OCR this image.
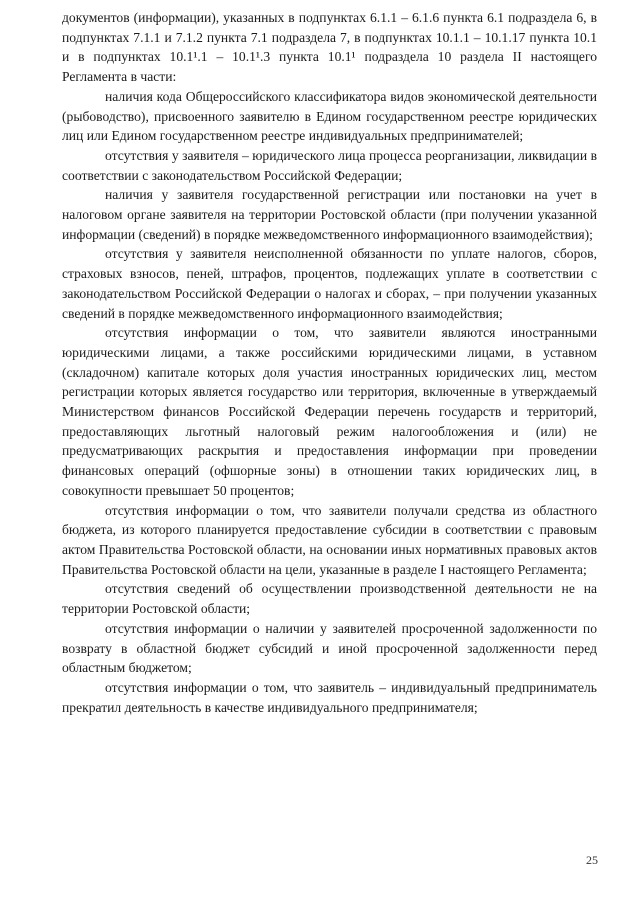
документов (информации), указанных в подпунктах 6.1.1 – 6.1.6 пункта 6.1 подраздела 6, в подпунктах 7.1.1 и 7.1.2 пункта 7.1 подраздела 7, в подпунктах 10.1.1 – 10.1.17 пункта 10.1 и в подпунктах 10.1¹.1 – 10.1¹.3 пункта 10.1¹ подраздела 10 раздела II настоящего Регламента в части:

наличия кода Общероссийского классификатора видов экономической деятельности (рыбоводство), присвоенного заявителю в Едином государственном реестре юридических лиц или Едином государственном реестре индивидуальных предпринимателей;

отсутствия у заявителя – юридического лица процесса реорганизации, ликвидации в соответствии с законодательством Российской Федерации;

наличия у заявителя государственной регистрации или постановки на учет в налоговом органе заявителя на территории Ростовской области (при получении указанной информации (сведений) в порядке межведомственного информационного взаимодействия);

отсутствия у заявителя неисполненной обязанности по уплате налогов, сборов, страховых взносов, пеней, штрафов, процентов, подлежащих уплате в соответствии с законодательством Российской Федерации о налогах и сборах, – при получении указанных сведений в порядке межведомственного информационного взаимодействия;

отсутствия информации о том, что заявители являются иностранными юридическими лицами, а также российскими юридическими лицами, в уставном (складочном) капитале которых доля участия иностранных юридических лиц, местом регистрации которых является государство или территория, включенные в утверждаемый Министерством финансов Российской Федерации перечень государств и территорий, предоставляющих льготный налоговый режим налогообложения и (или) не предусматривающих раскрытия и предоставления информации при проведении финансовых операций (офшорные зоны) в отношении таких юридических лиц, в совокупности превышает 50 процентов;

отсутствия информации о том, что заявители получали средства из областного бюджета, из которого планируется предоставление субсидии в соответствии с правовым актом Правительства Ростовской области, на основании иных нормативных правовых актов Правительства Ростовской области на цели, указанные в разделе I настоящего Регламента;

отсутствия сведений об осуществлении производственной деятельности не на территории Ростовской области;

отсутствия информации о наличии у заявителей просроченной задолженности по возврату в областной бюджет субсидий и иной просроченной задолженности перед областным бюджетом;

отсутствия информации о том, что заявитель – индивидуальный предприниматель прекратил деятельность в качестве индивидуального предпринимателя;

25
